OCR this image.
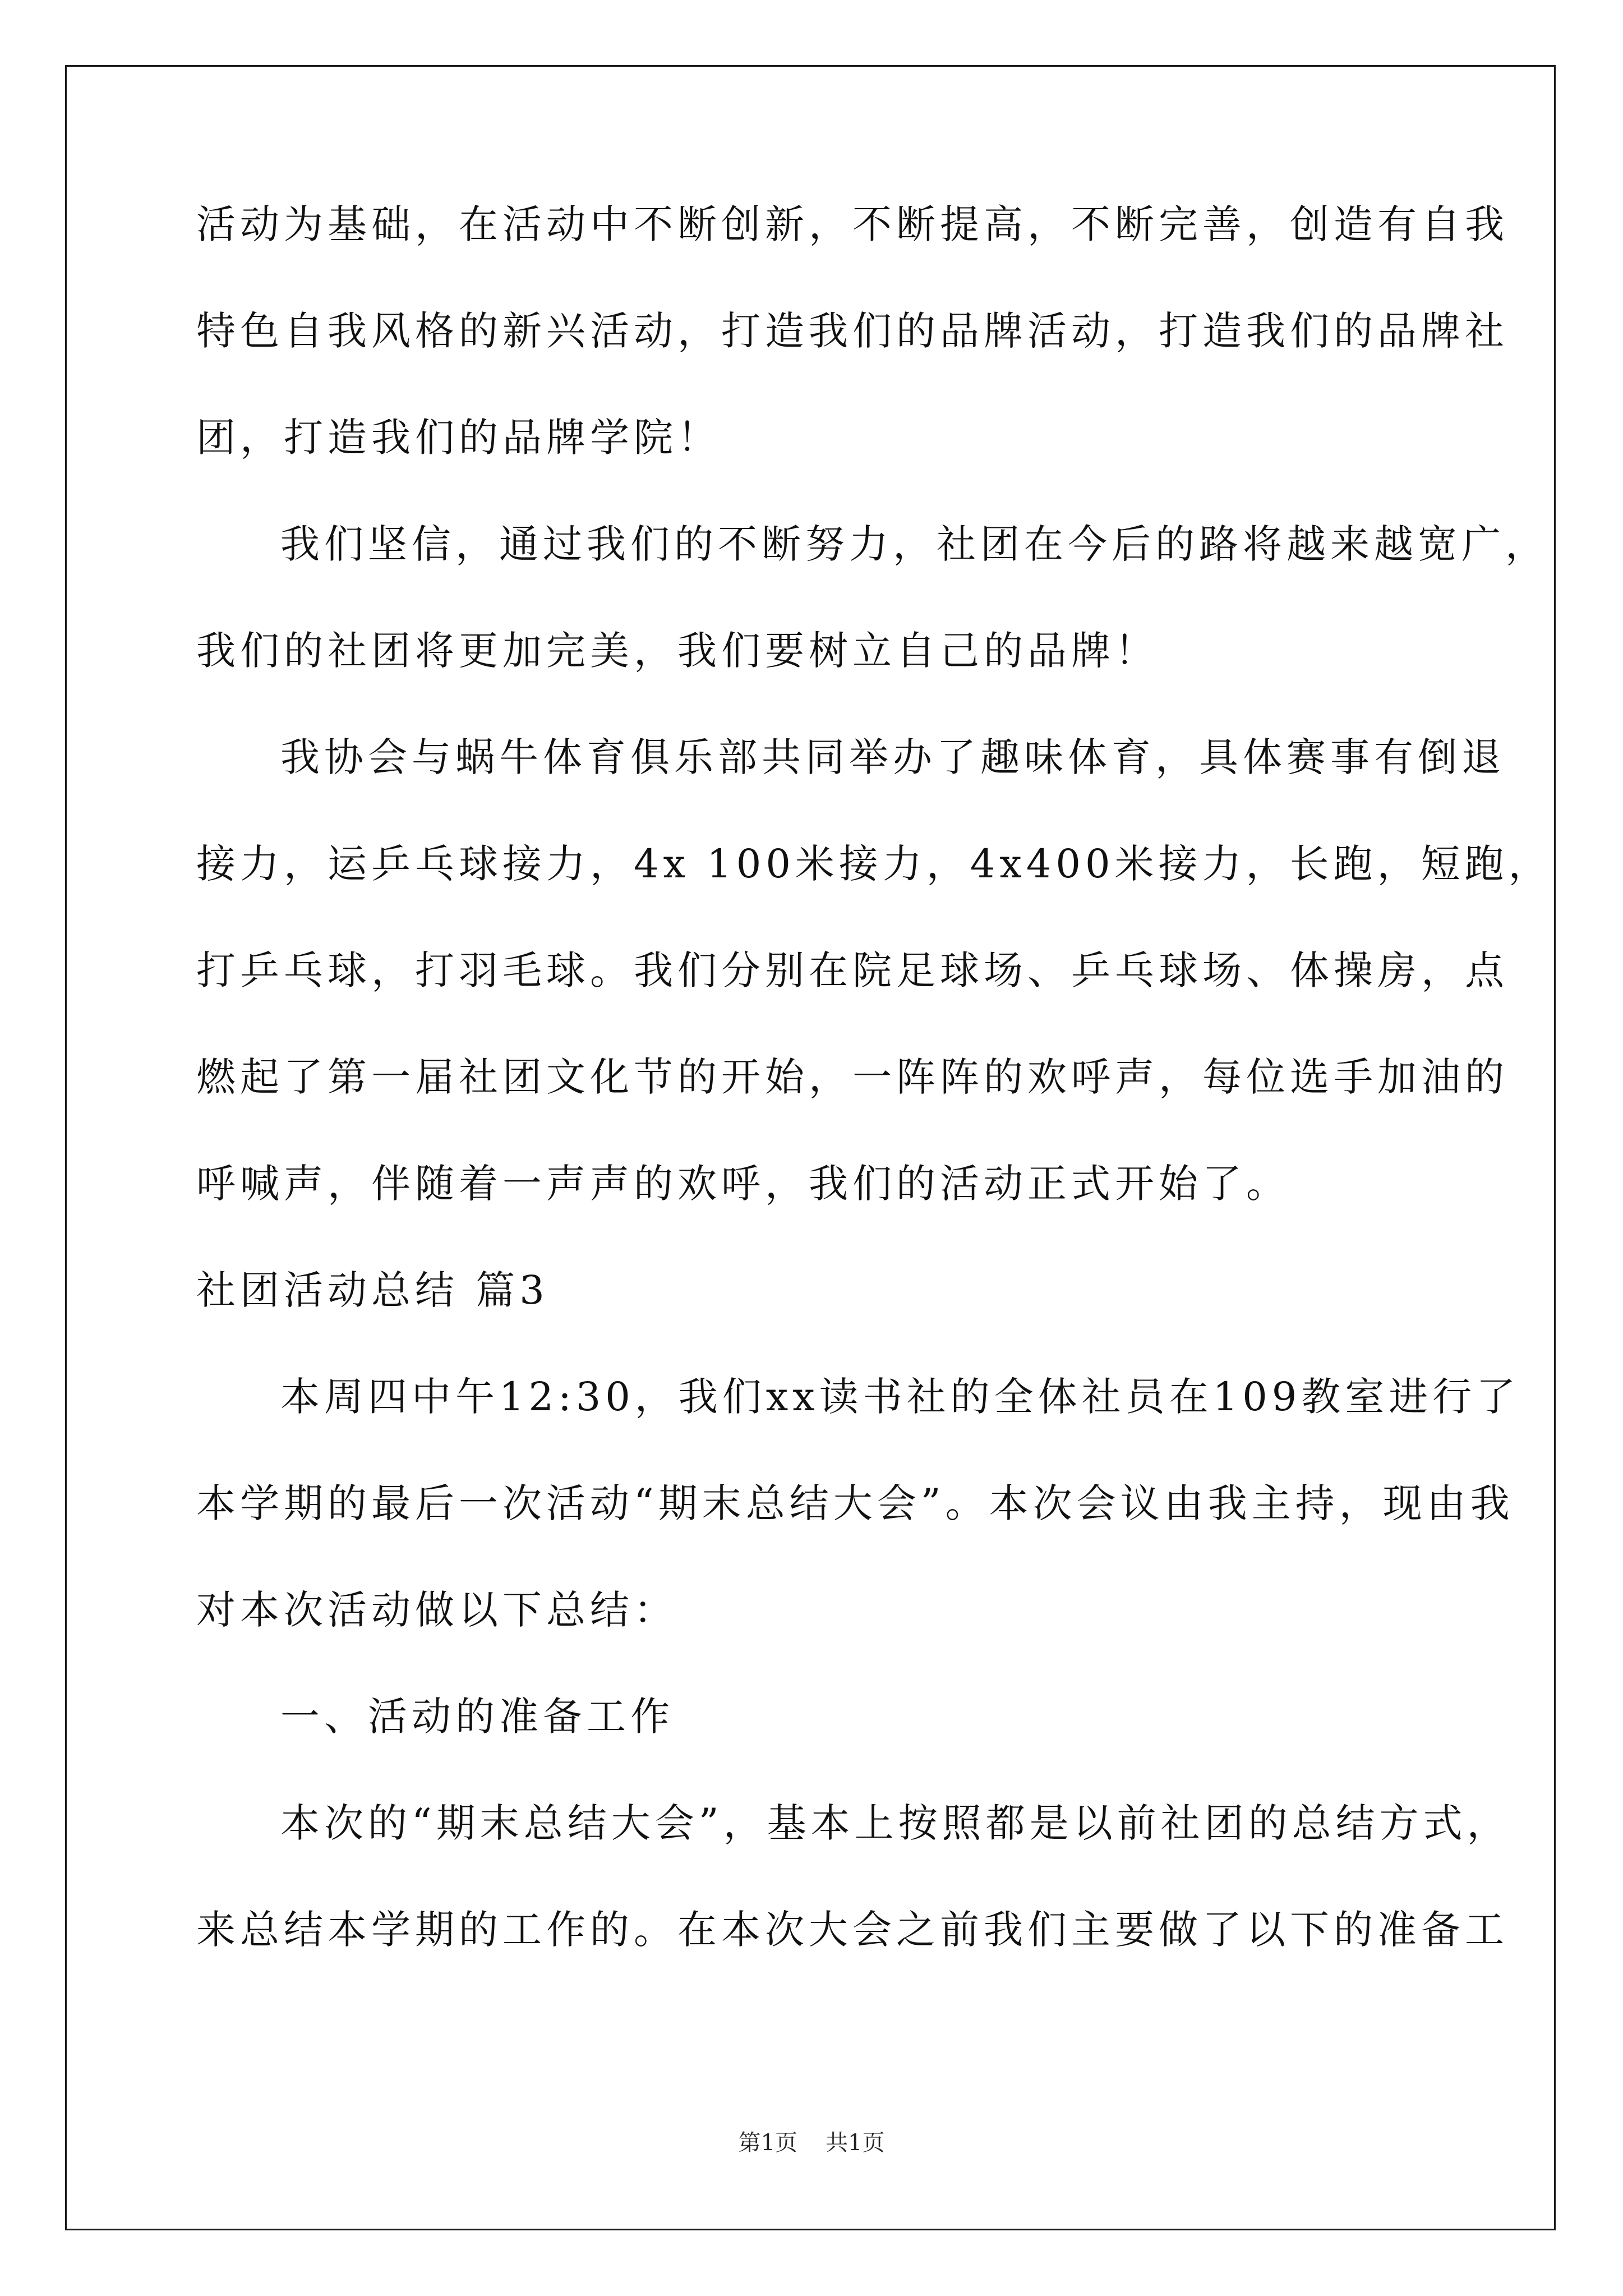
活动为基础，在活动中不断创新，不断提高，不断完善，创造有自我
特色自我风格的新兴活动，打造我们的品牌活动，打造我们的品牌社
团，打造我们的品牌学院！
我们坚信，通过我们的不断努力，社团在今后的路将越来越宽广，
我们的社团将更加完美，我们要树立自己的品牌！
我协会与蜗牛体育俱乐部共同举办了趣味体育，具体赛事有倒退
接力，运乒乓球接力，4x 100米接力，4x400米接力，长跑，短跑，
打乒乓球，打羽毛球。我们分别在院足球场、乒乓球场、体操房，点
燃起了第一届社团文化节的开始，一阵阵的欢呼声，每位选手加油的
呼喊声，伴随着一声声的欢呼，我们的活动正式开始了。
社团活动总结 篇3
本周四中午12:30，我们xx读书社的全体社员在109教室进行了
本学期的最后一次活动“期末总结大会”。本次会议由我主持，现由我
对本次活动做以下总结：
一、活动的准备工作
本次的“期末总结大会”，基本上按照都是以前社团的总结方式，
来总结本学期的工作的。在本次大会之前我们主要做了以下的准备工
第1页 共1页
